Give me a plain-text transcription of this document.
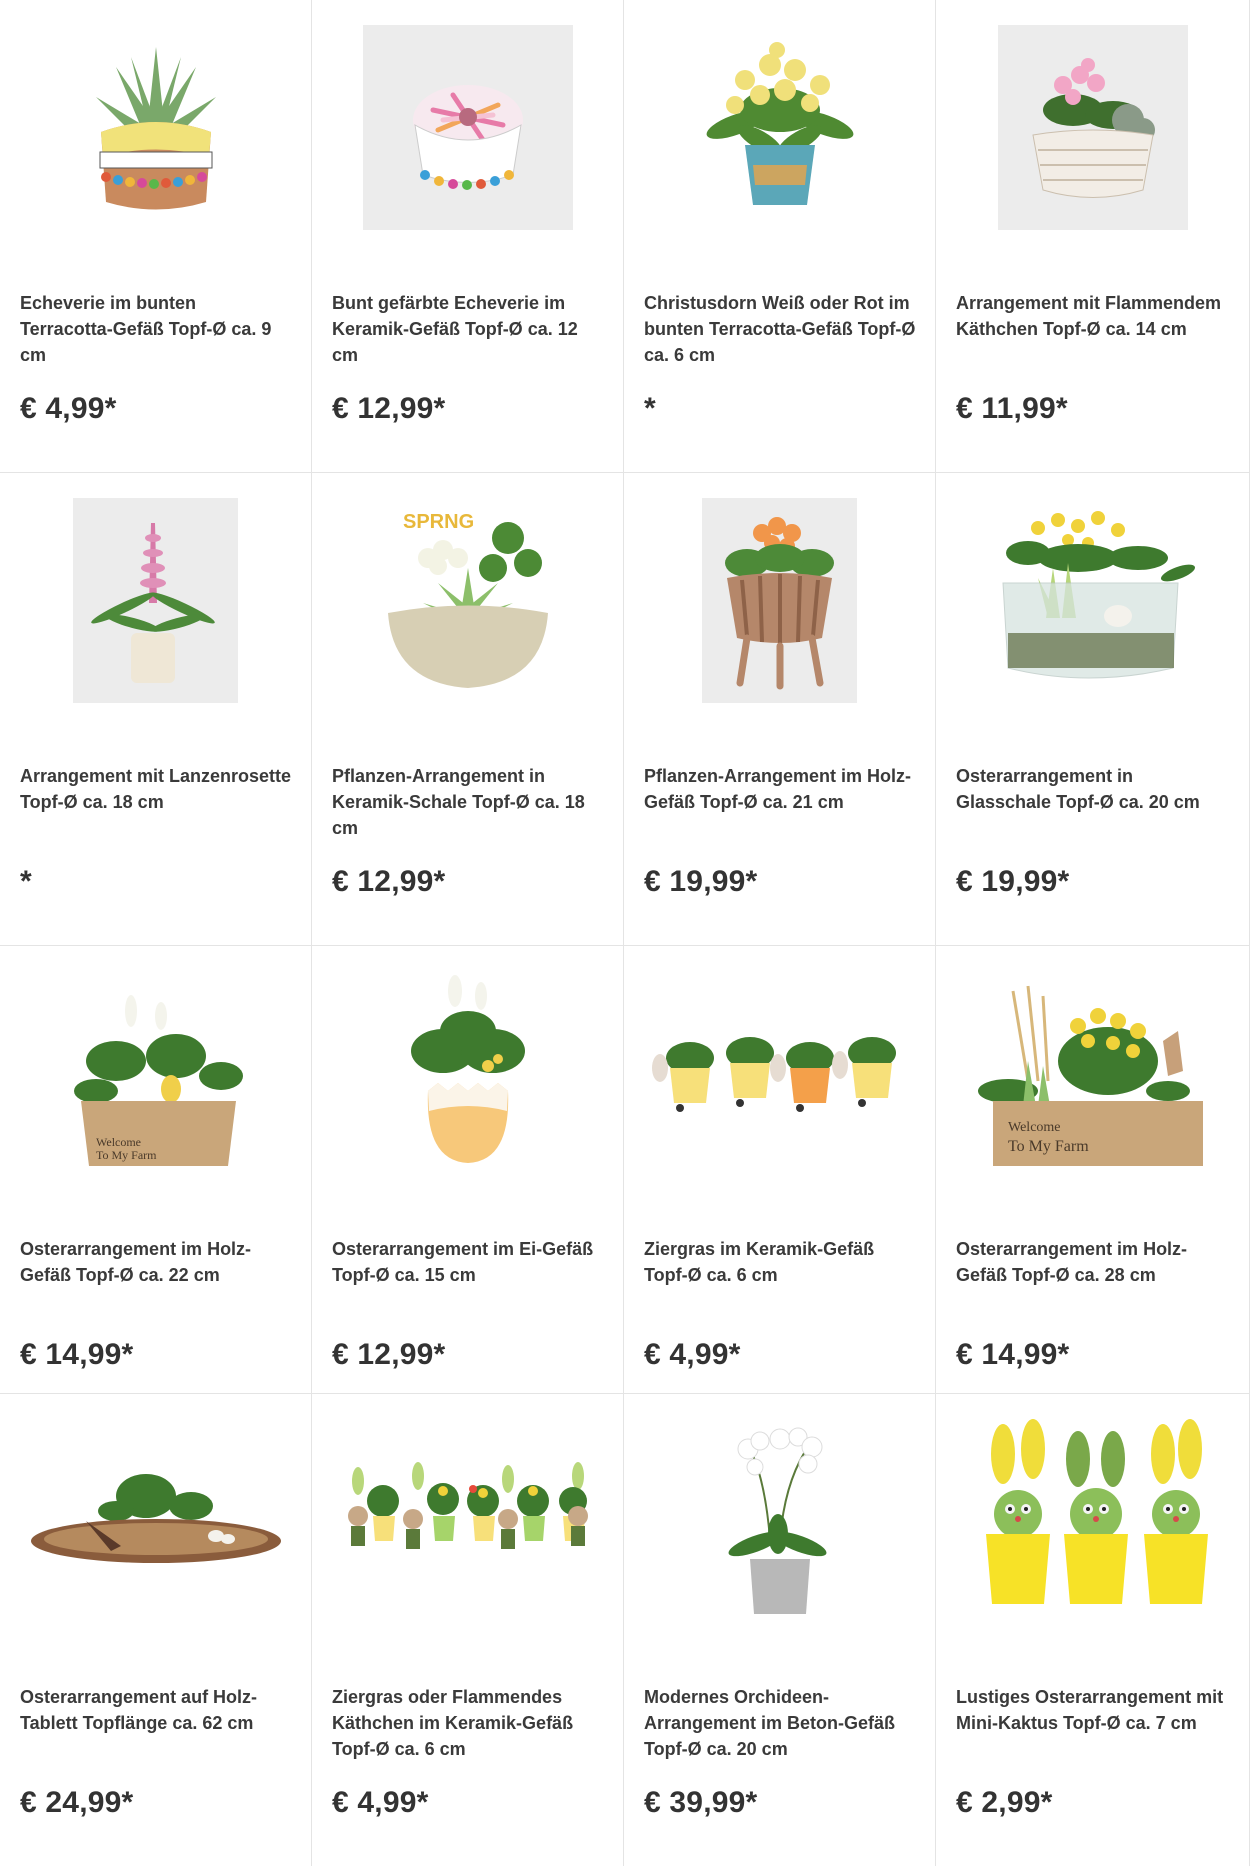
Echeverie im bunten Terracotta-Gefäß Topf-Ø ca. 9 cm
€ 4,99*
Bunt gefärbte Echeverie im Keramik-Gefäß Topf-Ø ca. 12 cm
€ 12,99*
Christusdorn Weiß oder Rot im bunten Terracotta-Gefäß Topf-Ø ca. 6 cm
*
Arrangement mit Flammendem Käthchen Topf-Ø ca. 14 cm
€ 11,99*
Arrangement mit Lanzenrosette Topf-Ø ca. 18 cm
*
SPRNG
Pflanzen-Arrangement in Keramik-Schale Topf-Ø ca. 18 cm
€ 12,99*
Pflanzen-Arrangement im Holz-Gefäß Topf-Ø ca. 21 cm
€ 19,99*
Osterarrangement in Glasschale Topf-Ø ca. 20 cm
€ 19,99*
Welcome
To My Farm
Osterarrangement im Holz-Gefäß Topf-Ø ca. 22 cm
€ 14,99*
Osterarrangement im Ei-Gefäß Topf-Ø ca. 15 cm
€ 12,99*
Ziergras im Keramik-Gefäß Topf-Ø ca. 6 cm
€ 4,99*
Welcome
To My Farm
Osterarrangement im Holz-Gefäß Topf-Ø ca. 28 cm
€ 14,99*
Osterarrangement auf Holz-Tablett Topflänge ca. 62 cm
€ 24,99*
Ziergras oder Flammendes Käthchen im Keramik-Gefäß Topf-Ø ca. 6 cm
€ 4,99*
Modernes Orchideen-Arrangement im Beton-Gefäß Topf-Ø ca. 20 cm
€ 39,99*
Lustiges Osterarrangement mit Mini-Kaktus Topf-Ø ca. 7 cm
€ 2,99*
